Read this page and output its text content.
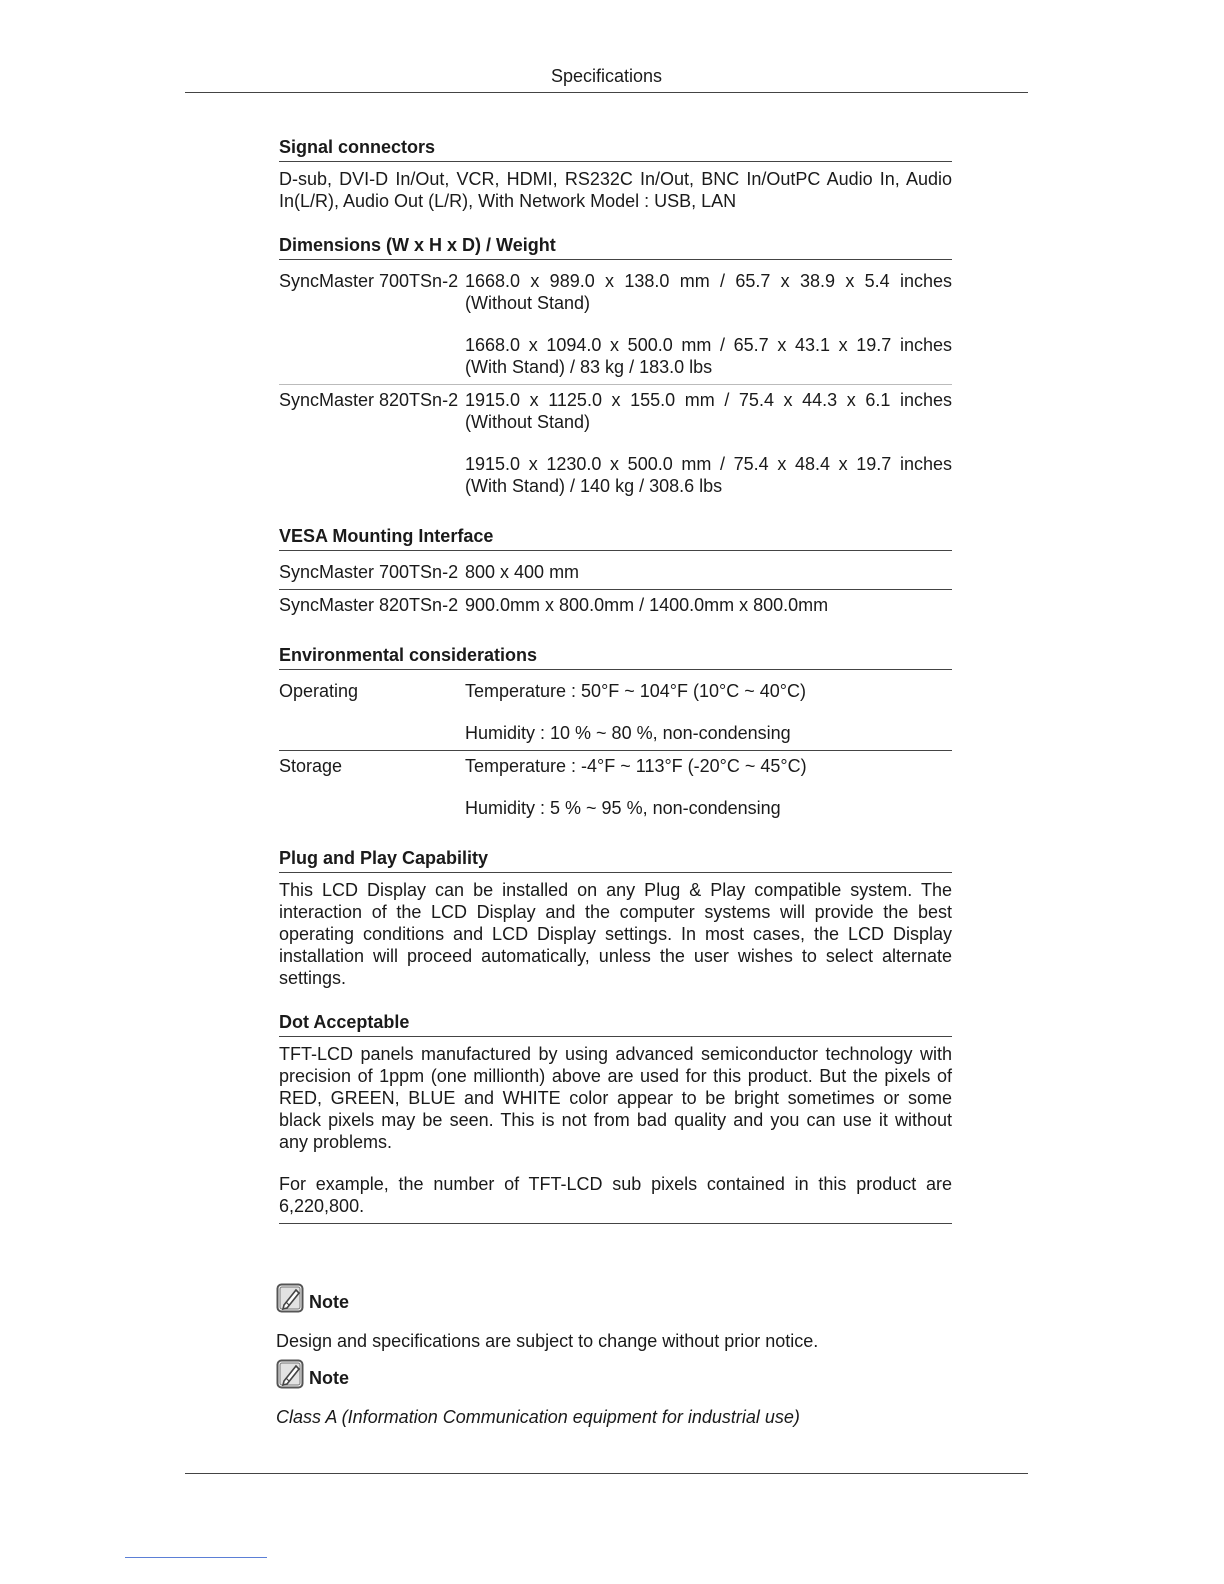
Specifications
Signal connectors

D-sub, DVI-D In/Out, VCR, HDMI, RS232C In/Out, BNC In/OutPC Audio In, Audio In(L/R), Audio Out (L/R), With Network Model : USB, LAN

Dimensions (W x H x D) / Weight
SyncMaster 700TSn-2 1668.0 x 989.0 x 138.0 mm / 65.7 x 38.9 x 5.4 inches (Without Stand)

1668.0 x 1094.0 x 500.0 mm / 65.7 x 43.1 x 19.7 inches (With Stand) / 83 kg / 183.0 lbs

SyncMaster 820TSn-2 1915.0 x 1125.0 x 155.0 mm / 75.4 x 44.3 x 6.1 inches (Without Stand)

1915.0 x 1230.0 x 500.0 mm / 75.4 x 48.4 x 19.7 inches (With Stand) / 140 kg / 308.6 lbs

VESA Mounting Interface
SyncMaster 700TSn-2 800 x 400 mm
SyncMaster 820TSn-2 900.0mm x 800.0mm / 1400.0mm x 800.0mm
Environmental considerations
Operating	Temperature : 50°F ~ 104°F (10°C ~ 40°C)

Humidity : 10 % ~ 80 %, non-condensing

Storage	Temperature : -4°F ~ 113°F (-20°C ~ 45°C)

Humidity : 5 % ~ 95 %, non-condensing

Plug and Play Capability

This LCD Display can be installed on any Plug & Play compatible system. The interaction of the LCD Display and the computer systems will provide the best operating conditions and LCD Display settings. In most cases, the LCD Display installation will proceed automatically, unless the user wishes to select alternate settings.

Dot Acceptable

TFT-LCD panels manufactured by using advanced semiconductor technology with precision of 1ppm (one millionth) above are used for this product. But the pixels of RED, GREEN, BLUE and WHITE color appear to be bright sometimes or some black pixels may be seen. This is not from bad quality and you can use it without any problems.

For example, the number of TFT-LCD sub pixels contained in this product are 6,220,800.

Note
Design and specifications are subject to change without prior notice.
Note
Class A (Information Communication equipment for industrial use)
